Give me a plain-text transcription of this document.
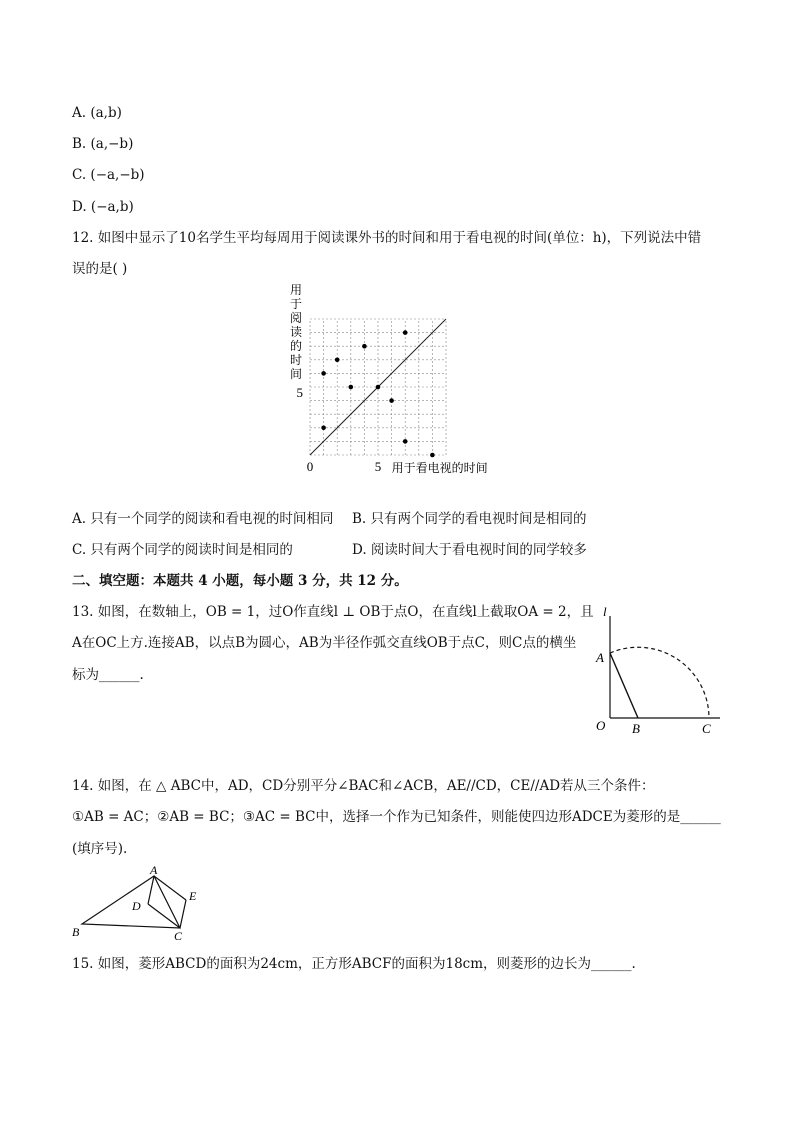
A. (a,b)
B. (a,−b)
C. (−a,−b)
D. (−a,b)
12. 如图中显示了10名学生平均每周用于阅读课外书的时间和用于看电视的时间(单位：h)，下列说法中错
误的是( )
用
于
阅
读
的
时
间
5
0	5 用于看电视的时间
A. 只有一个同学的阅读和看电视的时间相同 B. 只有两个同学的看电视时间是相同的
C. 只有两个同学的阅读时间是相同的	D. 阅读时间大于看电视时间的同学较多
二、填空题：本题共 4 小题，每小题 3 分，共 12 分。
13. 如图，在数轴上，OB = 1，过O作直线l ⊥ OB于点O，在直线l上截取OA = 2，且
A在OC上方.连接AB，以点B为圆心，AB为半径作弧交直线OB于点C，则C点的横坐
标为______.
l
A
O B	C
14. 如图，在 △ ABC中，AD，CD分别平分∠BAC和∠ACB，AE//CD，CE//AD若从三个条件：
①AB = AC；②AB = BC；③AC = BC中，选择一个作为已知条件，则能使四边形ADCE为菱形的是______
(填序号).
A
B	C
D
E
15. 如图，菱形ABCD的面积为24cm，正方形ABCF的面积为18cm，则菱形的边长为______.
